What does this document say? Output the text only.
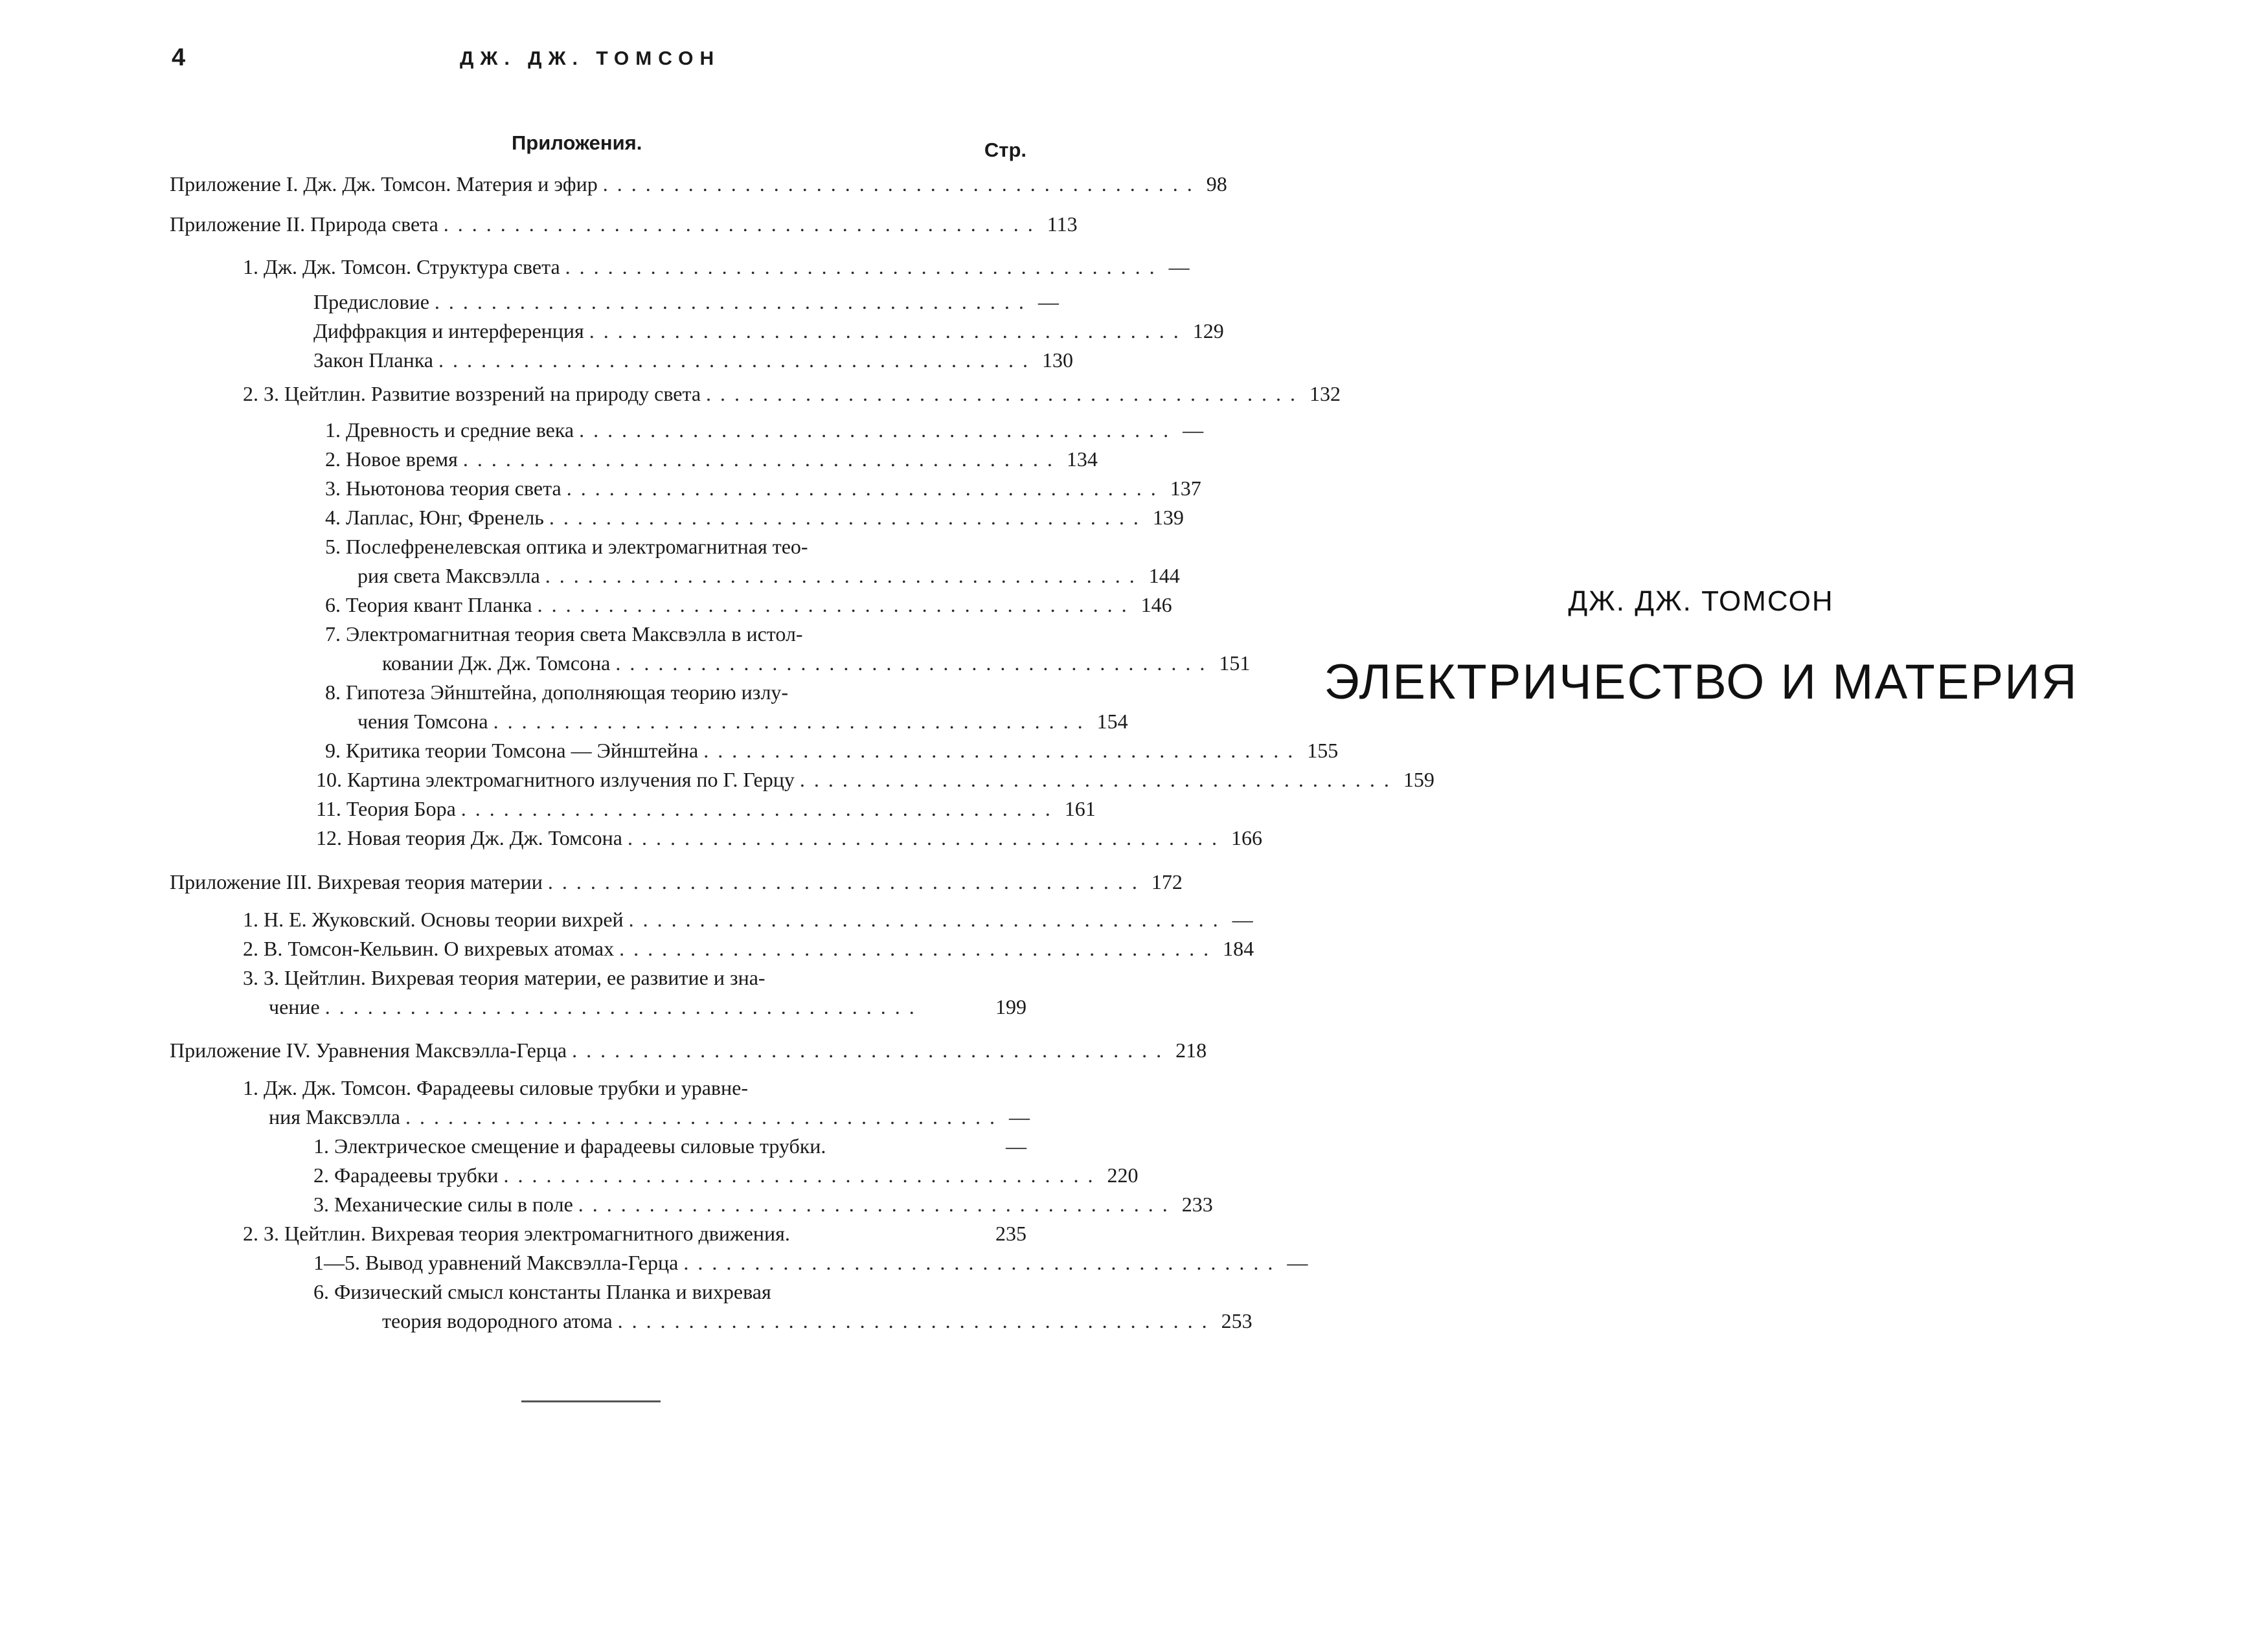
4	ДЖ. ДЖ. ТОМСОН
Приложения.	Стр.
Приложение I. Дж. Дж. Томсон. Материя и эфир .......................................... 98
Приложение II. Природа света .......................................... 113
1. Дж. Дж. Томсон. Структура света .......................................... —
Предисловие .......................................... —
Диффракция и интерференция .......................................... 129
Закон Планка .......................................... 130
2. З. Цейтлин. Развитие воззрений на природу света .......................................... 132
1. Древность и средние века .......................................... —
2. Новое время .......................................... 134
3. Ньютонова теория света .......................................... 137
4. Лаплас, Юнг, Френель .......................................... 139
5. Послефренелевская оптика и электромагнитная тео-
рия света Максвэлла .......................................... 144
6. Теория квант Планка .......................................... 146
7. Электромагнитная теория света Максвэлла в истол-
ковании Дж. Дж. Томсона .......................................... 151
8. Гипотеза Эйнштейна, дополняющая теорию излу-
чения Томсона .......................................... 154
9. Критика теории Томсона — Эйнштейна .......................................... 155
10. Картина электромагнитного излучения по Г. Герцу .......................................... 159
11. Теория Бора .......................................... 161
12. Новая теория Дж. Дж. Томсона .......................................... 166
Приложение III. Вихревая теория материи .......................................... 172
1. Н. Е. Жуковский. Основы теории вихрей .......................................... —
2. В. Томсон-Кельвин. О вихревых атомах .......................................... 184
3. З. Цейтлин. Вихревая теория материи, ее развитие и зна-
чение ..........................................	199
Приложение IV. Уравнения Максвэлла-Герца .......................................... 218
1. Дж. Дж. Томсон. Фарадеевы силовые трубки и уравне-
ния Максвэлла .......................................... —
1. Электрическое смещение и фарадеевы силовые трубки.	—
2. Фарадеевы трубки .......................................... 220
3. Механические силы в поле .......................................... 233
2. З. Цейтлин. Вихревая теория электромагнитного движения.	235
1—5. Вывод уравнений Максвэлла-Герца .......................................... —
6. Физический смысл константы Планка и вихревая
теория водородного атома .......................................... 253
ДЖ. ДЖ. ТОМСОН
ЭЛЕКТРИЧЕСТВО И МАТЕРИЯ
